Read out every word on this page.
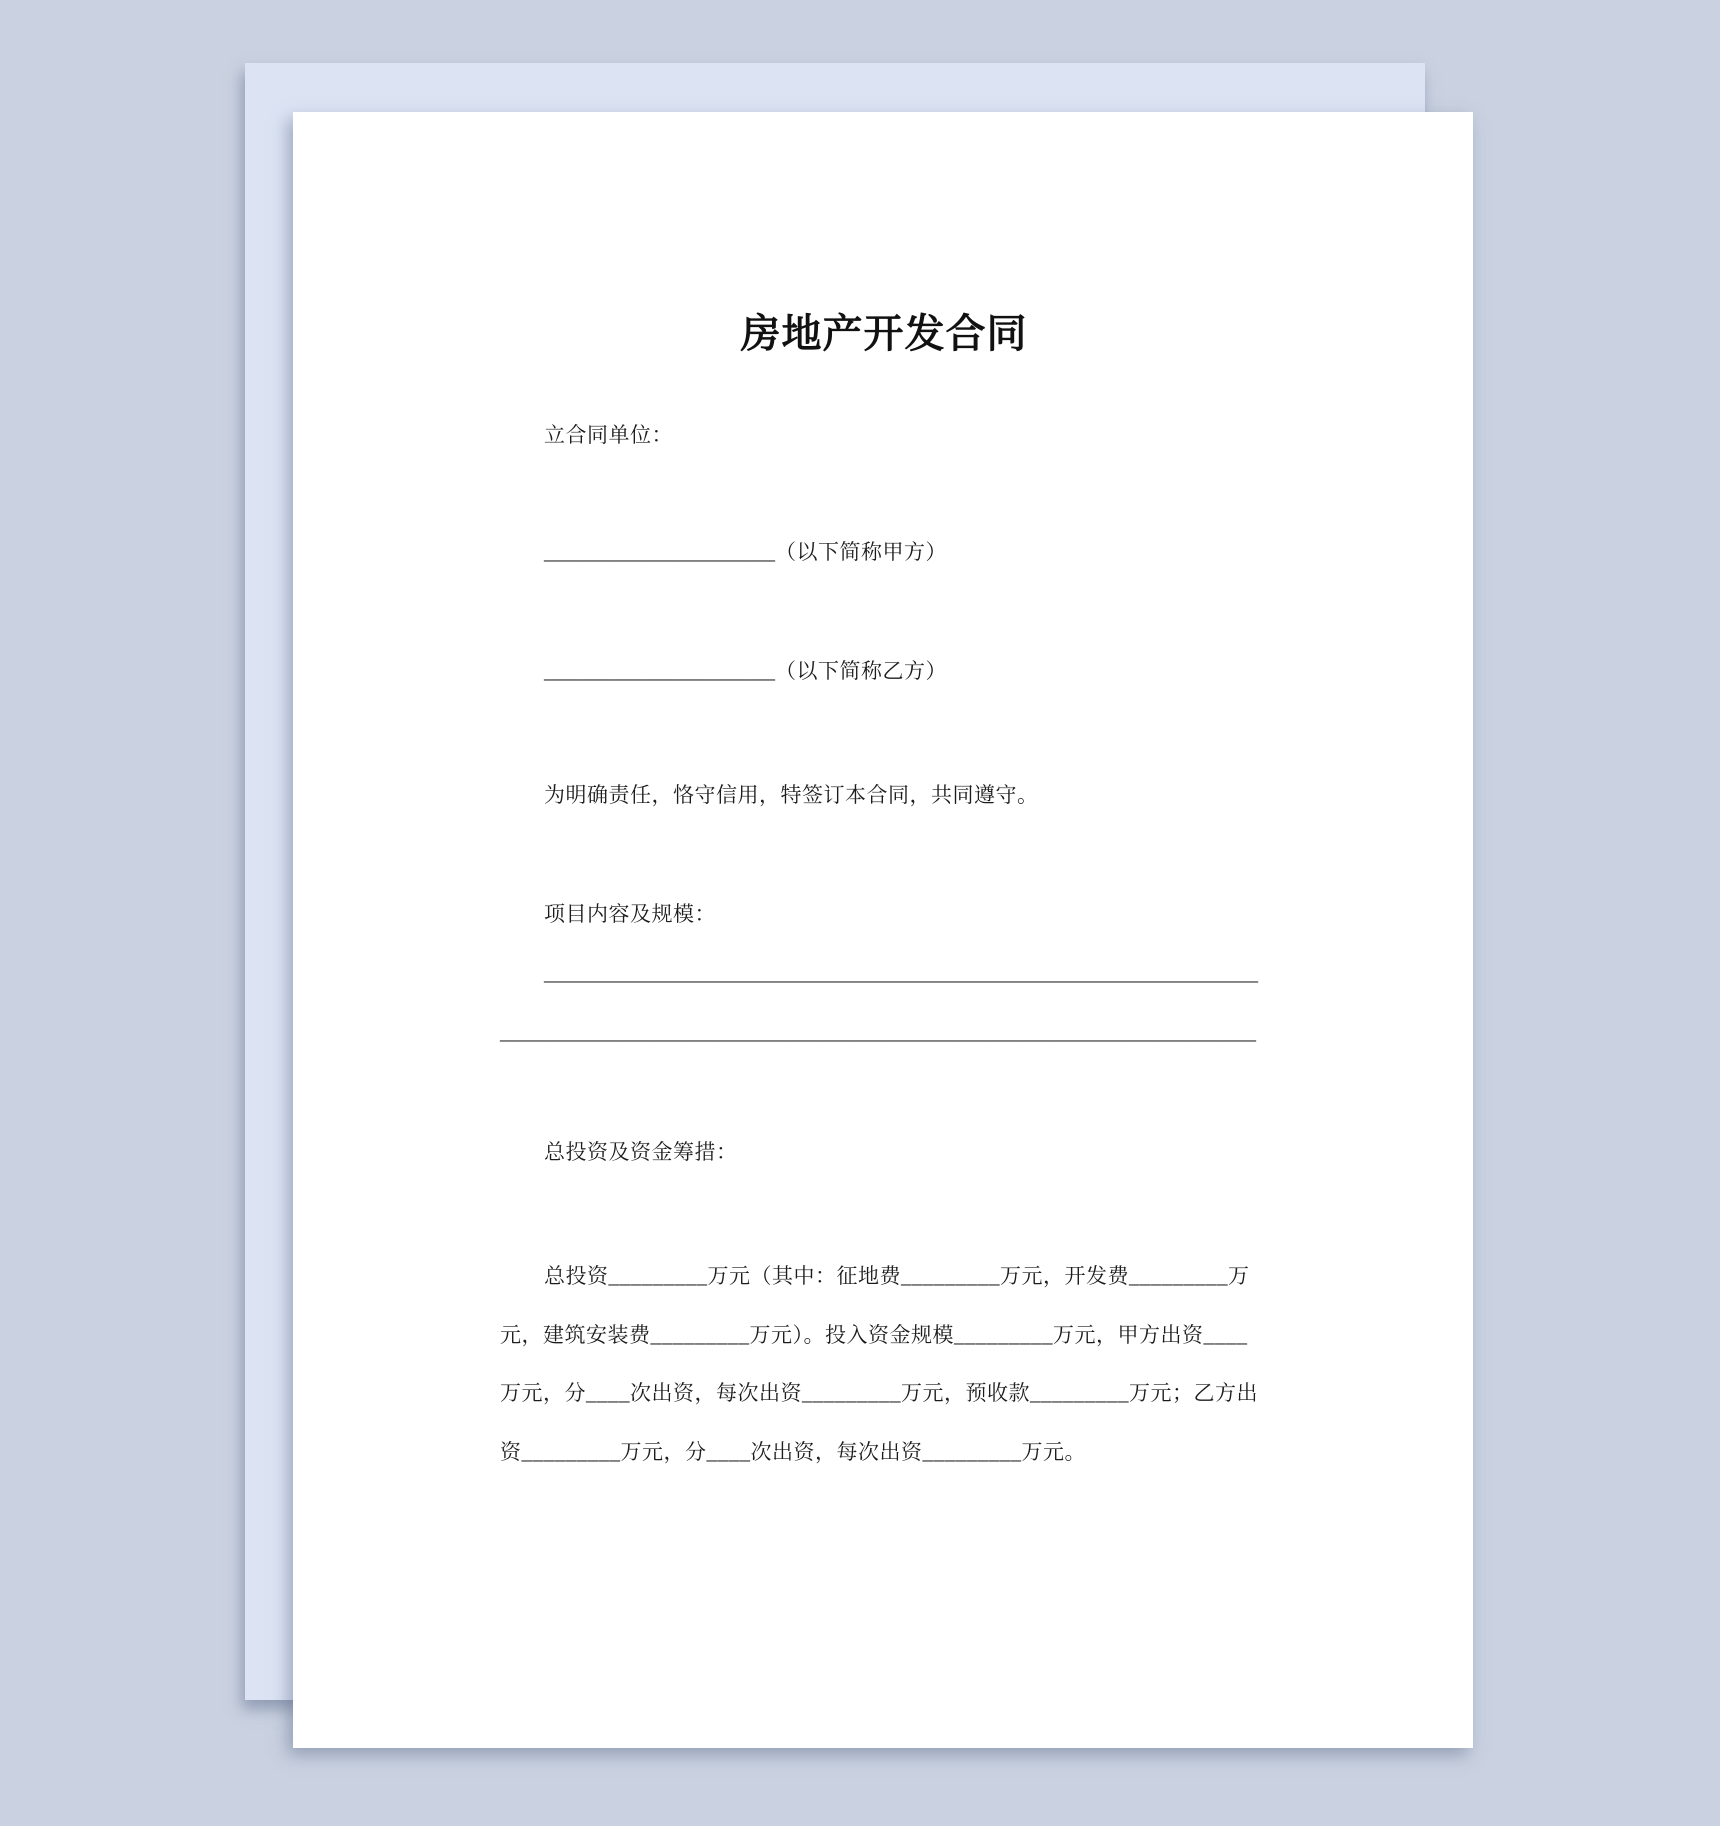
房地产开发合同
立合同单位：
______________________（以下简称甲方）
______________________（以下简称乙方）
为明确责任，恪守信用，特签订本合同，共同遵守。
项目内容及规模：
____________________________________________________________________
________________________________________________________________________
总投资及资金筹措：
总投资_________万元（其中：征地费_________万元，开发费_________万
元，建筑安装费_________万元）。投入资金规模_________万元，甲方出资____
万元，分____次出资，每次出资_________万元，预收款_________万元；乙方出
资_________万元，分____次出资，每次出资_________万元。
